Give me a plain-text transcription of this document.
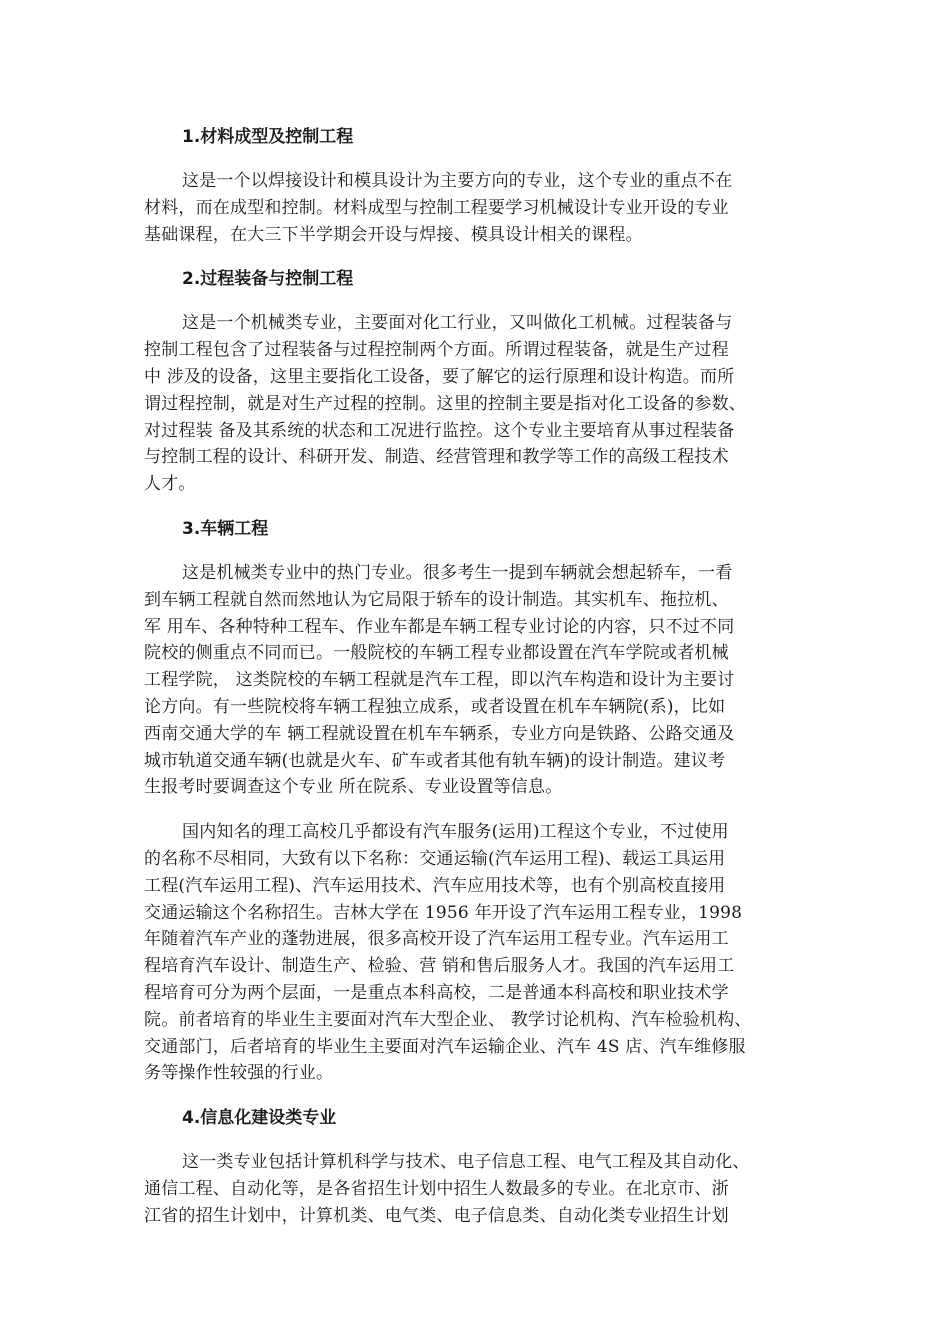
1.材料成型及控制工程
这是一个以焊接设计和模具设计为主要方向的专业，这个专业的重点不在
材料，而在成型和控制。材料成型与控制工程要学习机械设计专业开设的专业
基础课程，在大三下半学期会开设与焊接、模具设计相关的课程。
2.过程装备与控制工程
这是一个机械类专业，主要面对化工行业，又叫做化工机械。过程装备与
控制工程包含了过程装备与过程控制两个方面。所谓过程装备，就是生产过程
中 涉及的设备，这里主要指化工设备，要了解它的运行原理和设计构造。而所
谓过程控制，就是对生产过程的控制。这里的控制主要是指对化工设备的参数、
对过程装 备及其系统的状态和工况进行监控。这个专业主要培育从事过程装备
与控制工程的设计、科研开发、制造、经营管理和教学等工作的高级工程技术
人才。
3.车辆工程
这是机械类专业中的热门专业。很多考生一提到车辆就会想起轿车，一看
到车辆工程就自然而然地认为它局限于轿车的设计制造。其实机车、拖拉机、
军 用车、各种特种工程车、作业车都是车辆工程专业讨论的内容，只不过不同
院校的侧重点不同而已。一般院校的车辆工程专业都设置在汽车学院或者机械
工程学院， 这类院校的车辆工程就是汽车工程，即以汽车构造和设计为主要讨
论方向。有一些院校将车辆工程独立成系，或者设置在机车车辆院(系)，比如
西南交通大学的车 辆工程就设置在机车车辆系，专业方向是铁路、公路交通及
城市轨道交通车辆(也就是火车、矿车或者其他有轨车辆)的设计制造。建议考
生报考时要调查这个专业 所在院系、专业设置等信息。
国内知名的理工高校几乎都设有汽车服务(运用)工程这个专业，不过使用
的名称不尽相同，大致有以下名称：交通运输(汽车运用工程)、载运工具运用
工程(汽车运用工程)、汽车运用技术、汽车应用技术等，也有个别高校直接用
交通运输这个名称招生。吉林大学在 1956 年开设了汽车运用工程专业，1998
年随着汽车产业的蓬勃进展，很多高校开设了汽车运用工程专业。汽车运用工
程培育汽车设计、制造生产、检验、营 销和售后服务人才。我国的汽车运用工
程培育可分为两个层面，一是重点本科高校，二是普通本科高校和职业技术学
院。前者培育的毕业生主要面对汽车大型企业、 教学讨论机构、汽车检验机构、
交通部门，后者培育的毕业生主要面对汽车运输企业、汽车 4S 店、汽车维修服
务等操作性较强的行业。
4.信息化建设类专业
这一类专业包括计算机科学与技术、电子信息工程、电气工程及其自动化、
通信工程、自动化等，是各省招生计划中招生人数最多的专业。在北京市、浙
江省的招生计划中，计算机类、电气类、电子信息类、自动化类专业招生计划
